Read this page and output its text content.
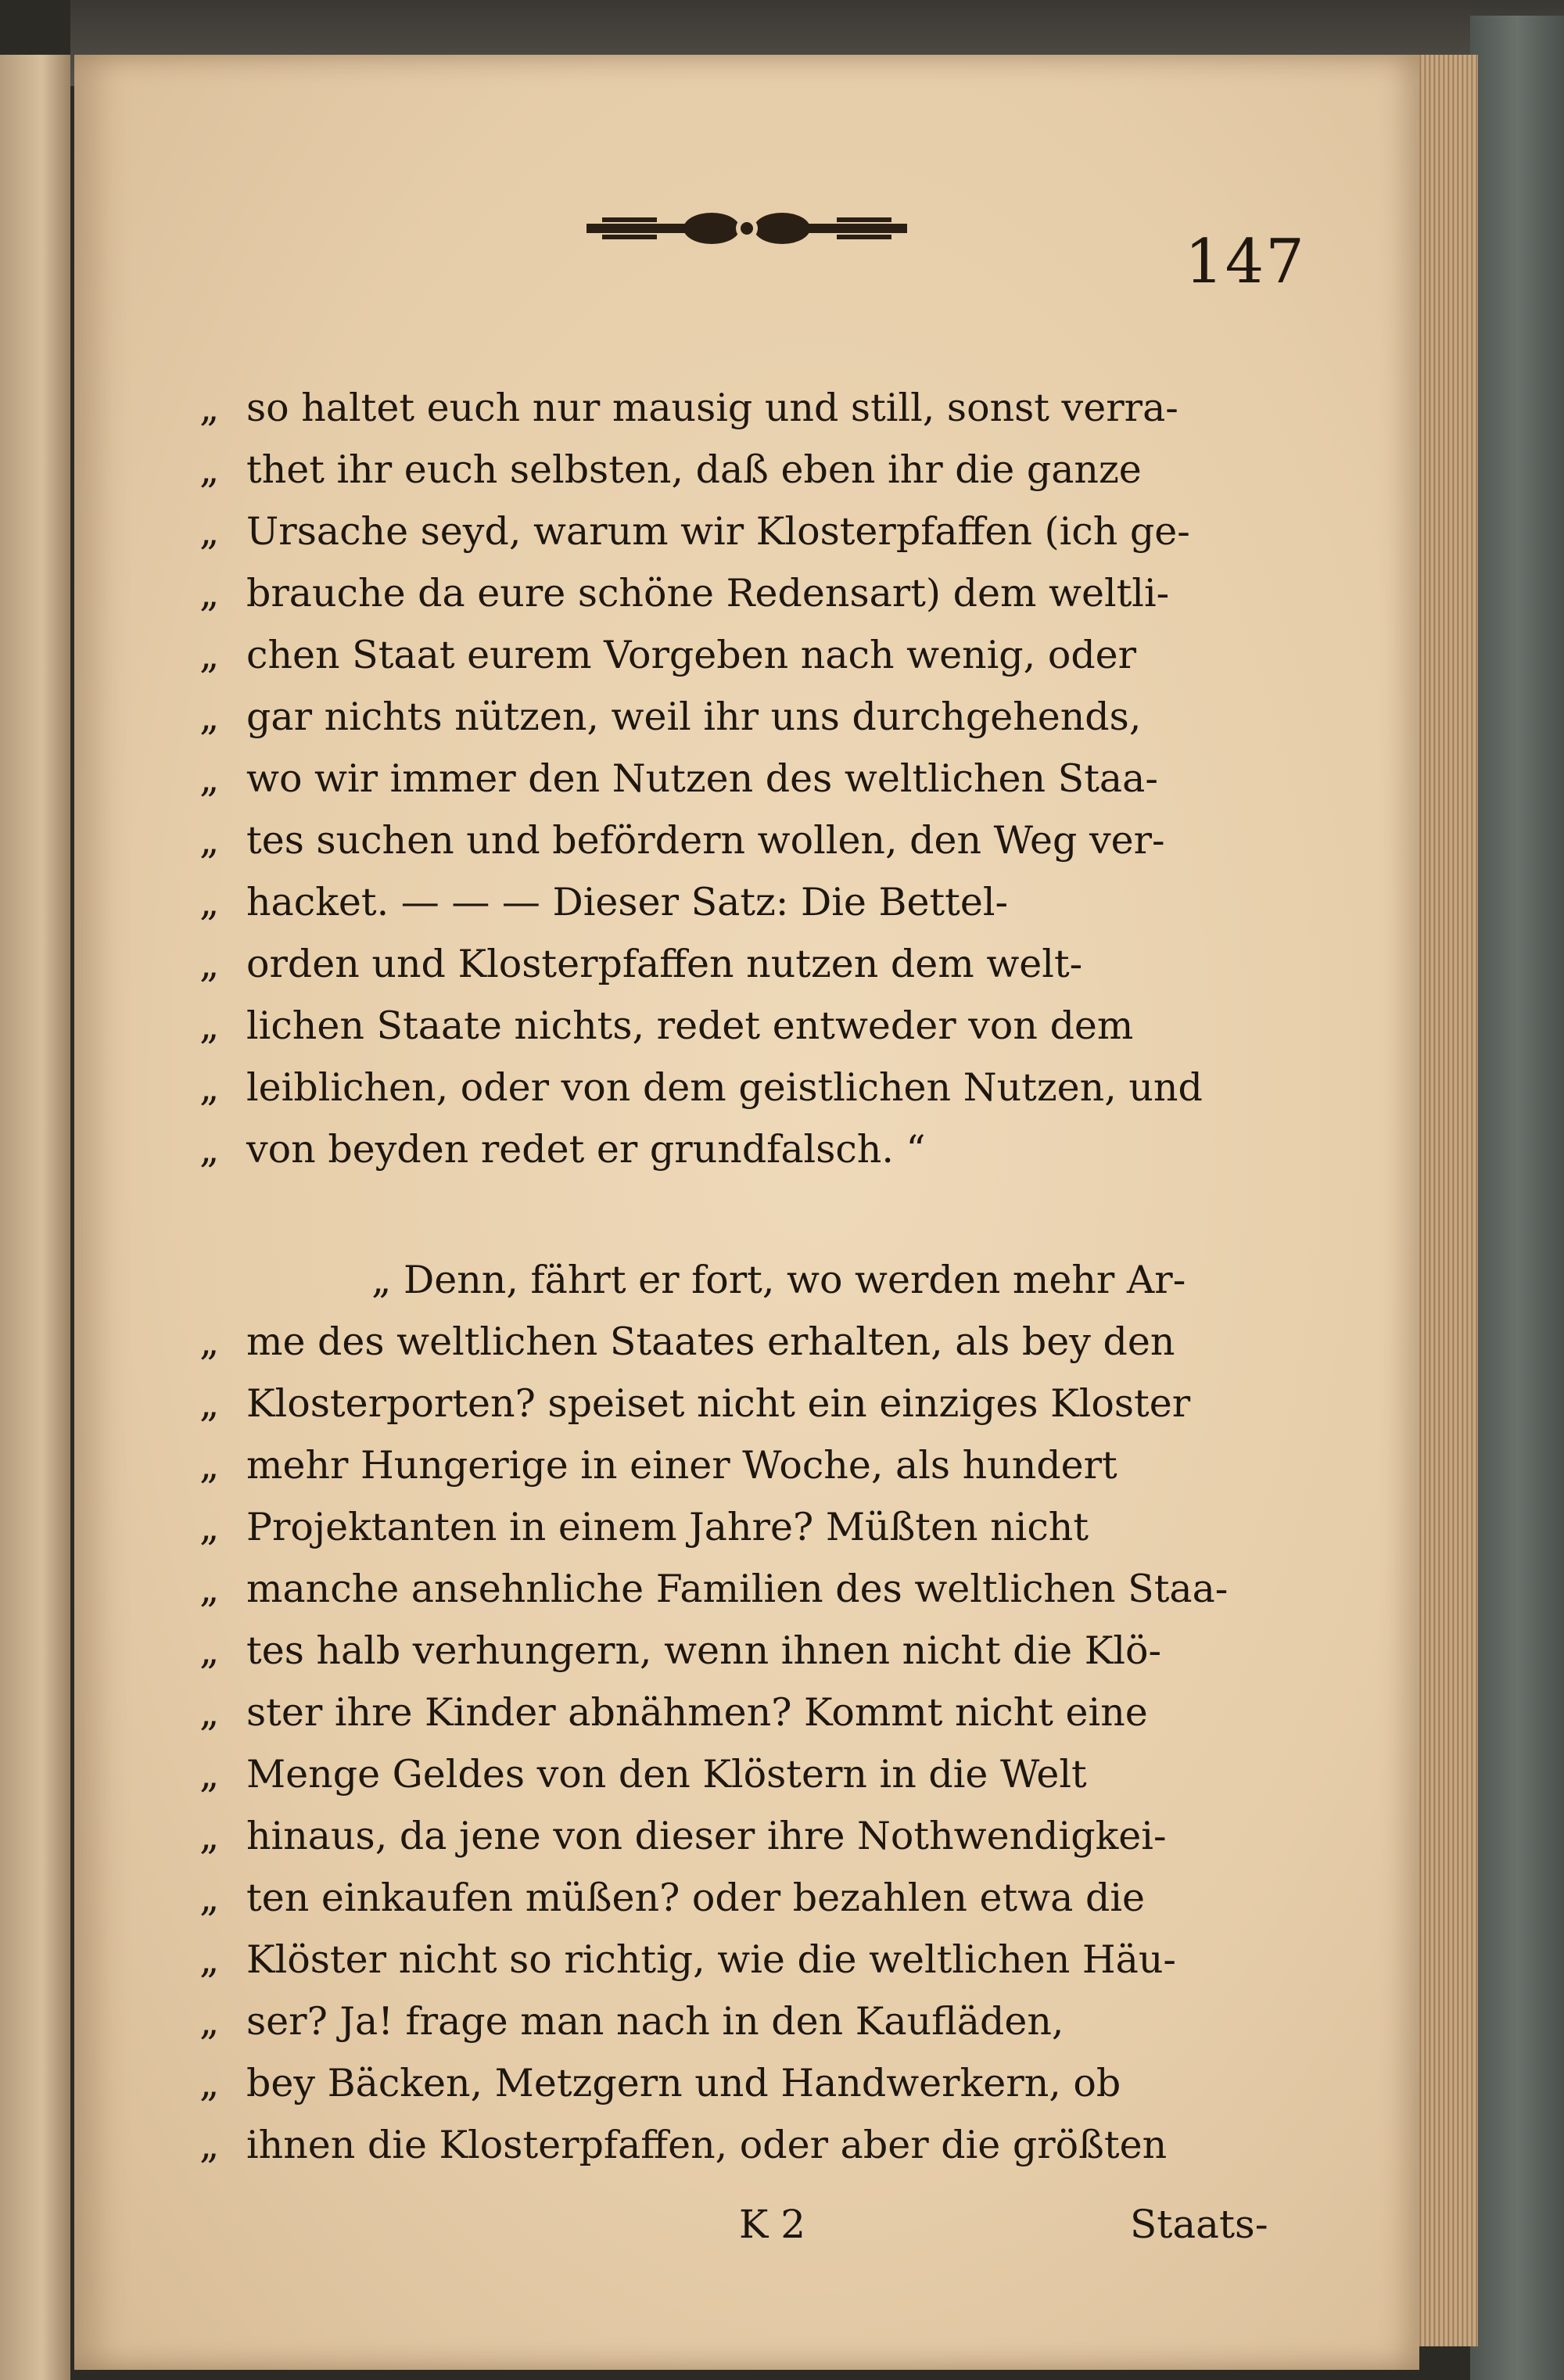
147
„ so haltet euch nur mausig und still, sonst verra-
„ thet ihr euch selbsten, daß eben ihr die ganze
„ Ursache seyd, warum wir Klosterpfaffen (ich ge-
„ brauche da eure schöne Redensart) dem weltli-
„ chen Staat eurem Vorgeben nach wenig, oder
„ gar nichts nützen, weil ihr uns durchgehends,
„ wo wir immer den Nutzen des weltlichen Staa-
„ tes suchen und befördern wollen, den Weg ver-
„ hacket. — — — Dieser Satz: Die Bettel-
„ orden und Klosterpfaffen nutzen dem welt-
„ lichen Staate nichts, redet entweder von dem
„ leiblichen, oder von dem geistlichen Nutzen, und
„ von beyden redet er grundfalsch. “
„ Denn, fährt er fort, wo werden mehr Ar-
„ me des weltlichen Staates erhalten, als bey den
„ Klosterporten? speiset nicht ein einziges Kloster
„ mehr Hungerige in einer Woche, als hundert
„ Projektanten in einem Jahre? Müßten nicht
„ manche ansehnliche Familien des weltlichen Staa-
„ tes halb verhungern, wenn ihnen nicht die Klö-
„ ster ihre Kinder abnähmen? Kommt nicht eine
„ Menge Geldes von den Klöstern in die Welt
„ hinaus, da jene von dieser ihre Nothwendigkei-
„ ten einkaufen müßen? oder bezahlen etwa die
„ Klöster nicht so richtig, wie die weltlichen Häu-
„ ser? Ja! frage man nach in den Kaufläden,
„ bey Bäcken, Metzgern und Handwerkern, ob
„ ihnen die Klosterpfaffen, oder aber die größten
K 2	Staats-
